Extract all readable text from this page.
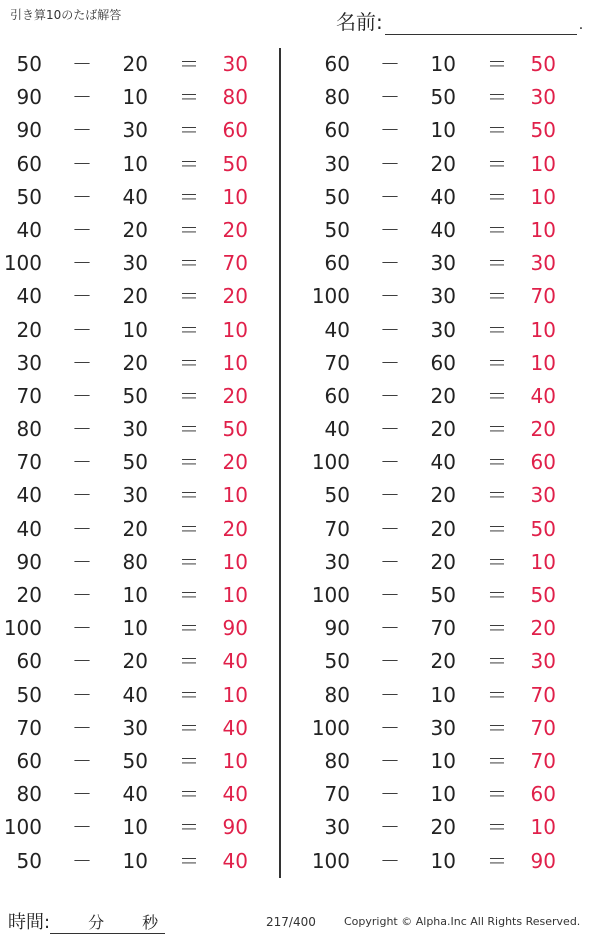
引き算10のたば解答	名前:	.
50 －	20 ＝	30
90 －	10 ＝	80
90 －	30 ＝	60
60 －	10 ＝	50
50 －	40 ＝	10
40 －	20 ＝	20
100 －	30 ＝	70
40 －	20 ＝	20
20 －	10 ＝	10
30 －	20 ＝	10
70 －	50 ＝	20
80 －	30 ＝	50
70 －	50 ＝	20
40 －	30 ＝	10
40 －	20 ＝	20
90 －	80 ＝	10
20 －	10 ＝	10
100 －	10 ＝	90
60 －	20 ＝	40
50 －	40 ＝	10
70 －	30 ＝	40
60 －	50 ＝	10
80 －	40 ＝	40
100 －	10 ＝	90
50 －	10 ＝	40
60 －	10 ＝	50
80 －	50 ＝	30
60 －	10 ＝	50
30 －	20 ＝	10
50 －	40 ＝	10
50 －	40 ＝	10
60 －	30 ＝	30
100 －	30 ＝	70
40 －	30 ＝	10
70 －	60 ＝	10
60 －	20 ＝	40
40 －	20 ＝	20
100 －	40 ＝	60
50 －	20 ＝	30
70 －	20 ＝	50
30 －	20 ＝	10
100 －	50 ＝	50
90 －	70 ＝	20
50 －	20 ＝	30
80 －	10 ＝	70
100 －	30 ＝	70
80 －	10 ＝	70
70 －	10 ＝	60
30 －	20 ＝	10
100 －	10 ＝	90
時間: 分 秒	217/400	Copyright © Alpha.Inc All Rights Reserved.
